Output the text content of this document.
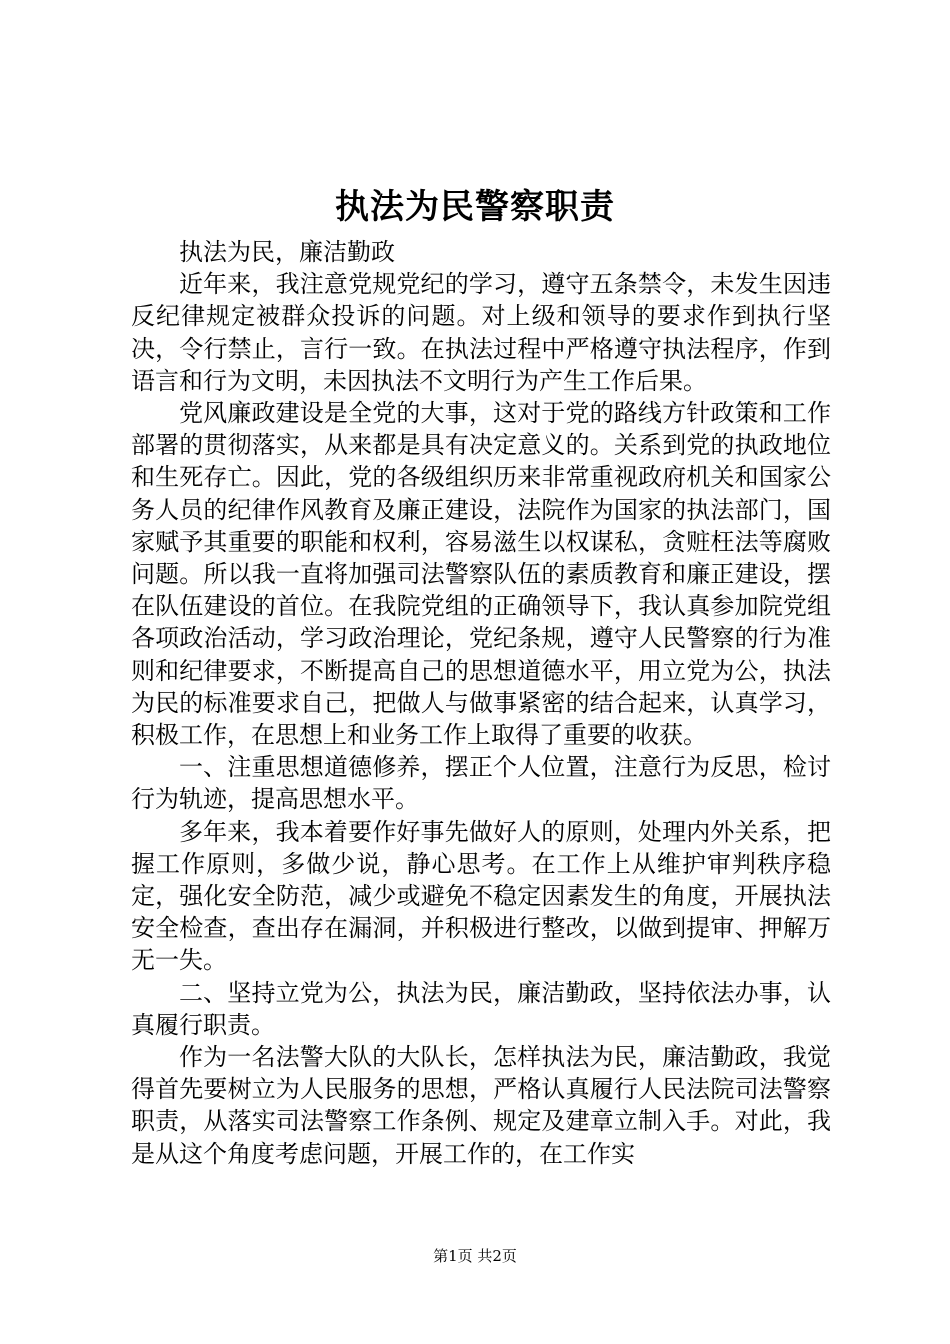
执法为民警察职责

执法为民，廉洁勤政

近年来，我注意党规党纪的学习，遵守五条禁令，未发生因违反纪律规定被群众投诉的问题。对上级和领导的要求作到执行坚决，令行禁止，言行一致。在执法过程中严格遵守执法程序，作到语言和行为文明，未因执法不文明行为产生工作后果。

党风廉政建设是全党的大事，这对于党的路线方针政策和工作部署的贯彻落实，从来都是具有决定意义的。关系到党的执政地位和生死存亡。因此，党的各级组织历来非常重视政府机关和国家公务人员的纪律作风教育及廉正建设，法院作为国家的执法部门，国家赋予其重要的职能和权利，容易滋生以权谋私，贪赃枉法等腐败问题。所以我一直将加强司法警察队伍的素质教育和廉正建设，摆在队伍建设的首位。在我院党组的正确领导下，我认真参加院党组各项政治活动，学习政治理论，党纪条规，遵守人民警察的行为准则和纪律要求，不断提高自己的思想道德水平，用立党为公，执法为民的标准要求自己，把做人与做事紧密的结合起来，认真学习，积极工作，在思想上和业务工作上取得了重要的收获。

一、注重思想道德修养，摆正个人位置，注意行为反思，检讨行为轨迹，提高思想水平。

多年来，我本着要作好事先做好人的原则，处理内外关系，把握工作原则，多做少说，静心思考。在工作上从维护审判秩序稳定，强化安全防范，减少或避免不稳定因素发生的角度，开展执法安全检查，查出存在漏洞，并积极进行整改，以做到提审、押解万无一失。

二、坚持立党为公，执法为民，廉洁勤政，坚持依法办事，认真履行职责。

作为一名法警大队的大队长，怎样执法为民，廉洁勤政，我觉得首先要树立为人民服务的思想，严格认真履行人民法院司法警察职责，从落实司法警察工作条例、规定及建章立制入手。对此，我是从这个角度考虑问题，开展工作的，在工作实

第1页 共2页
